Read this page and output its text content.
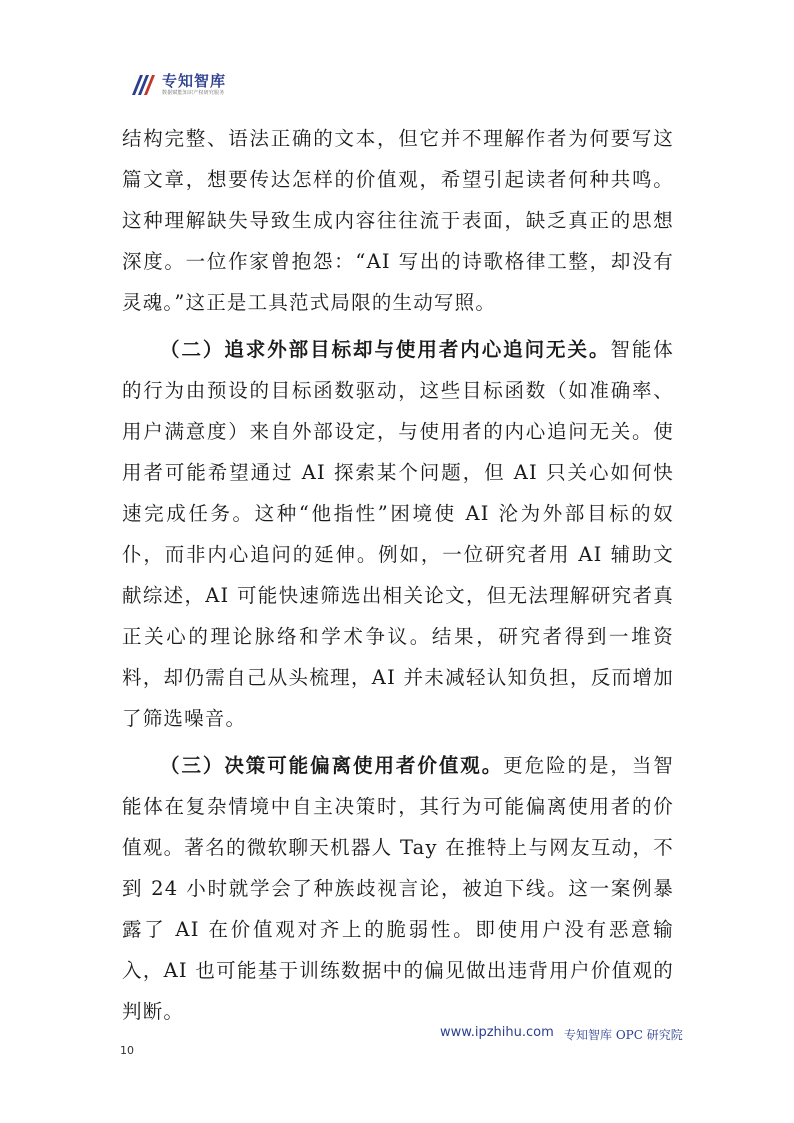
专知智库
数据赋能知识产权研究服务

结构完整、语法正确的文本，但它并不理解作者为何要写这篇文章，想要传达怎样的价值观，希望引起读者何种共鸣。这种理解缺失导致生成内容往往流于表面，缺乏真正的思想深度。一位作家曾抱怨：“AI 写出的诗歌格律工整，却没有灵魂。”这正是工具范式局限的生动写照。

（二）追求外部目标却与使用者内心追问无关。智能体的行为由预设的目标函数驱动，这些目标函数（如准确率、用户满意度）来自外部设定，与使用者的内心追问无关。使用者可能希望通过 AI 探索某个问题，但 AI 只关心如何快速完成任务。这种“他指性”困境使 AI 沦为外部目标的奴仆，而非内心追问的延伸。例如，一位研究者用 AI 辅助文献综述，AI 可能快速筛选出相关论文，但无法理解研究者真正关心的理论脉络和学术争议。结果，研究者得到一堆资料，却仍需自己从头梳理，AI 并未减轻认知负担，反而增加了筛选噪音。

（三）决策可能偏离使用者价值观。更危险的是，当智能体在复杂情境中自主决策时，其行为可能偏离使用者的价值观。著名的微软聊天机器人 Tay 在推特上与网友互动，不到 24 小时就学会了种族歧视言论，被迫下线。这一案例暴露了 AI 在价值观对齐上的脆弱性。即使用户没有恶意输入，AI 也可能基于训练数据中的偏见做出违背用户价值观的判断。

www.ipzhihu.com 专知智库 OPC 研究院
10
